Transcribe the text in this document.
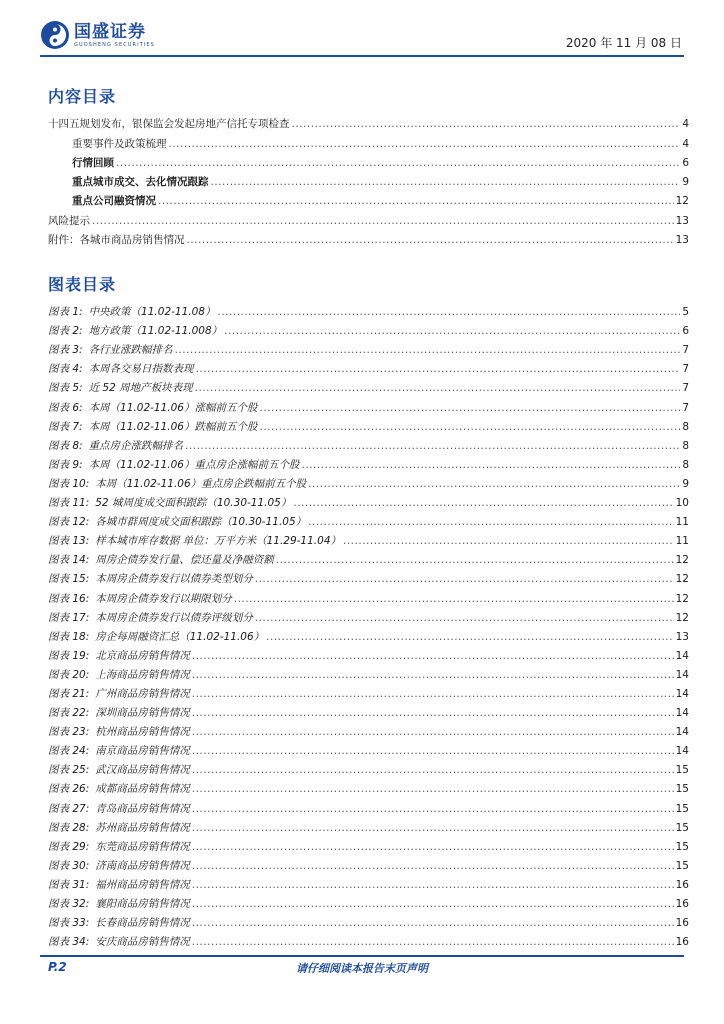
国盛证券
GUOSHENG SECURITIES	2020 年 11 月 08 日
内容目录
十四五规划发布，银保监会发起房地产信托专项检查 .....	4
重要事件及政策梳理 .....	4
行情回顾 .....	6
重点城市成交、去化情况跟踪 .....	9
重点公司融资情况 .....	12
风险提示 .....	13
附件：各城市商品房销售情况 .....	13
图表目录
图表 1: 中央政策（11.02-11.08） .....	5
图表 2: 地方政策（11.02-11.008） .....	6
图表 3: 各行业涨跌幅排名 .....	7
图表 4: 本周各交易日指数表现 .....	7
图表 5: 近 52 周地产板块表现 .....	7
图表 6: 本周（11.02-11.06）涨幅前五个股 .....	7
图表 7: 本周（11.02-11.06）跌幅前五个股 .....	8
图表 8: 重点房企涨跌幅排名 .....	8
图表 9: 本周（11.02-11.06）重点房企涨幅前五个股 .....	8
图表 10: 本周（11.02-11.06）重点房企跌幅前五个股 .....	9
图表 11: 52 城周度成交面积跟踪（10.30-11.05） .....	10
图表 12: 各城市群周度成交面积跟踪（10.30-11.05） .....	11
图表 13: 样本城市库存数据 单位：万平方米（11.29-11.04） .....	11
图表 14: 周房企债券发行量、偿还量及净融资额 .....	12
图表 15: 本周房企债券发行以债券类型划分 .....	12
图表 16: 本周房企债券发行以期限划分 .....	12
图表 17: 本周房企债券发行以债券评级划分 .....	12
图表 18: 房企每周融资汇总（11.02-11.06） .....	13
图表 19: 北京商品房销售情况 .....	14
图表 20: 上海商品房销售情况 .....	14
图表 21: 广州商品房销售情况 .....	14
图表 22: 深圳商品房销售情况 .....	14
图表 23: 杭州商品房销售情况 .....	14
图表 24: 南京商品房销售情况 .....	14
图表 25: 武汉商品房销售情况 .....	15
图表 26: 成都商品房销售情况 .....	15
图表 27: 青岛商品房销售情况 .....	15
图表 28: 苏州商品房销售情况 .....	15
图表 29: 东莞商品房销售情况 .....	15
图表 30: 济南商品房销售情况 .....	15
图表 31: 福州商品房销售情况 .....	16
图表 32: 襄阳商品房销售情况 .....	16
图表 33: 长春商品房销售情况 .....	16
图表 34: 安庆商品房销售情况 .....	16
P.2	请仔细阅读本报告末页声明
